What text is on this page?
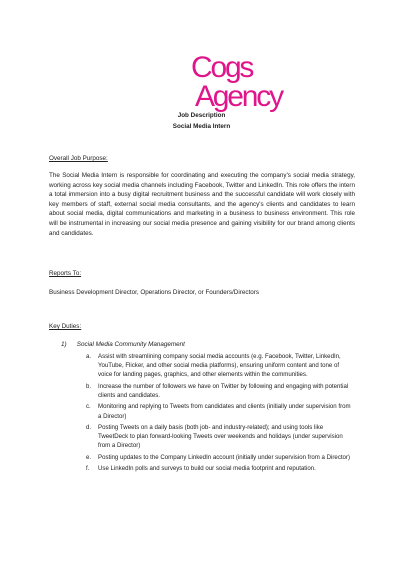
Cogs
Agency
Job Description
Social Media Intern
Overall Job Purpose:
The Social Media Intern is responsible for coordinating and executing the company's social media strategy, working across key social media channels including Facebook, Twitter and LinkedIn. This role offers the intern a total immersion into a busy digital recruitment business and the successful candidate will work closely with key members of staff, external social media consultants, and the agency's clients and candidates to learn about social media, digital communications and marketing in a business to business environment. This role will be instrumental in increasing our social media presence and gaining visibility for our brand among clients and candidates.
Reports To:
Business Development Director, Operations Director, or Founders/Directors
Key Duties:
1) Social Media Community Management
a. Assist with streamlining company social media accounts (e.g. Facebook, Twitter, LinkedIn, YouTube, Flicker, and other social media platforms), ensuring uniform content and tone of voice for landing pages, graphics, and other elements within the communities.
b. Increase the number of followers we have on Twitter by following and engaging with potential clients and candidates.
c. Monitoring and replying to Tweets from candidates and clients (initially under supervision from a Director)
d. Posting Tweets on a daily basis (both job- and industry-related); and using tools like TweetDeck to plan forward-looking Tweets over weekends and holidays (under supervision from a Director)
e. Posting updates to the Company LinkedIn account (initially under supervision from a Director)
f. Use LinkedIn polls and surveys to build our social media footprint and reputation.
